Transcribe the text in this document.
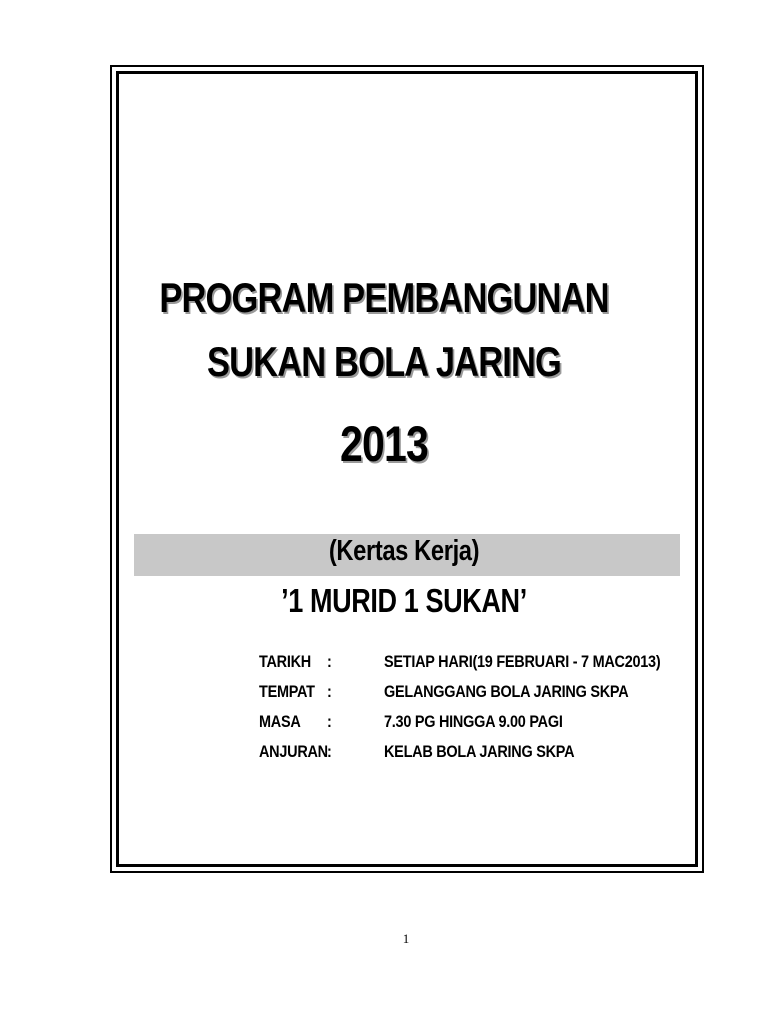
PROGRAM PEMBANGUNAN
SUKAN BOLA JARING
2013
(Kertas Kerja)
’1 MURID 1 SUKAN’
TARIKH :	SETIAP HARI(19 FEBRUARI - 7 MAC2013)
TEMPAT :	GELANGGANG BOLA JARING SKPA
MASA :	7.30 PG HINGGA 9.00 PAGI
ANJURAN :	KELAB BOLA JARING SKPA
1
